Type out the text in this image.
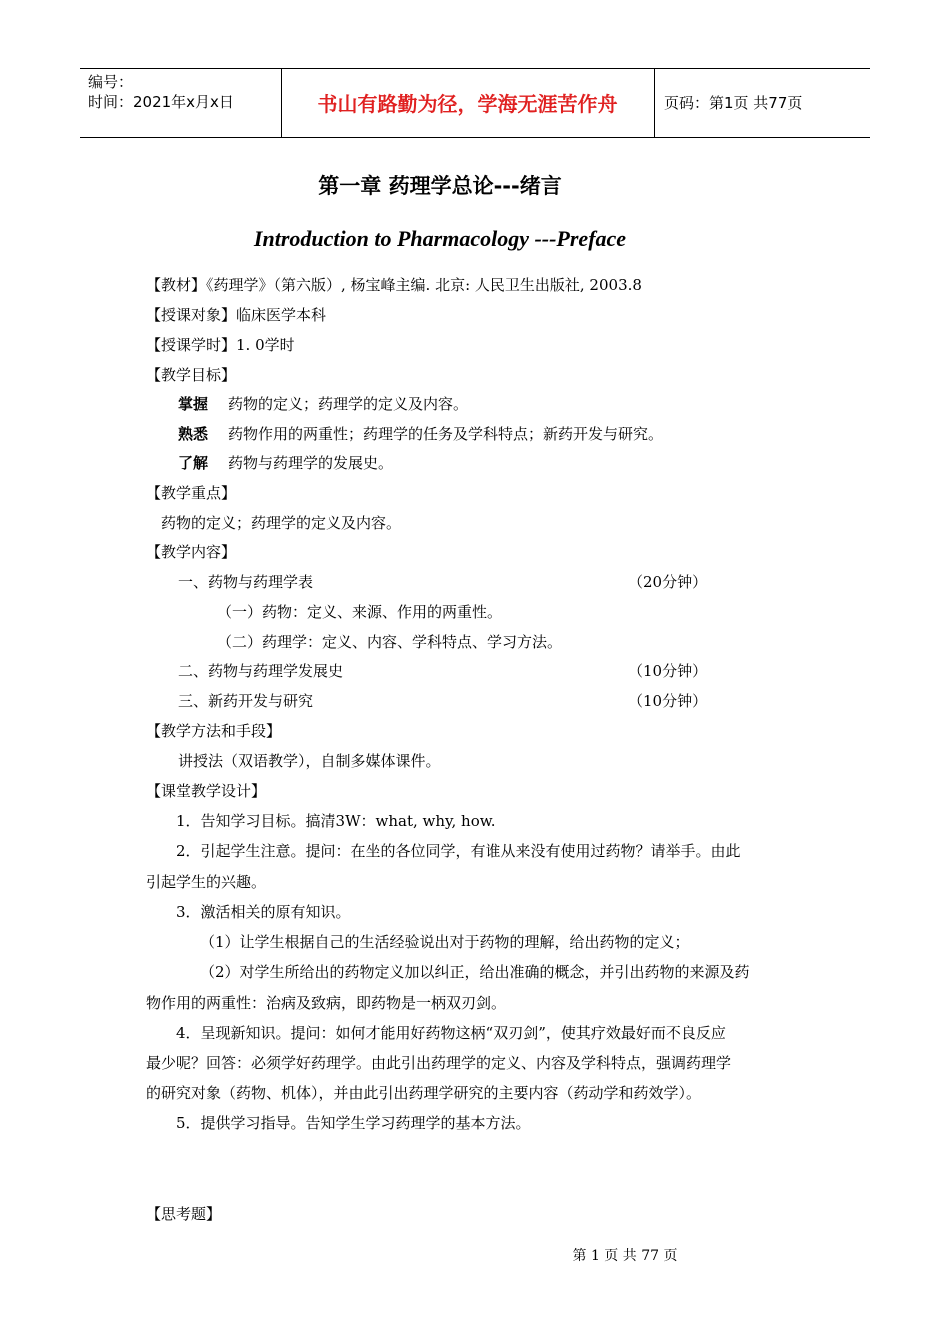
编号：
时间：2021年x月x日	书山有路勤为径，学海无涯苦作舟	页码：第1页 共77页
第一章 药理学总论---绪言
Introduction to Pharmacology ---Preface
【教材】《药理学》（第六版）, 杨宝峰主编. 北京: 人民卫生出版社, 2003.8
【授课对象】临床医学本科
【授课学时】1. 0学时
【教学目标】
掌握 药物的定义；药理学的定义及内容。
熟悉 药物作用的两重性；药理学的任务及学科特点；新药开发与研究。
了解 药物与药理学的发展史。
【教学重点】
药物的定义；药理学的定义及内容。
【教学内容】
一、药物与药理学表	（20分钟）
（一）药物：定义、来源、作用的两重性。
（二）药理学：定义、内容、学科特点、学习方法。
二、药物与药理学发展史	（10分钟）
三、新药开发与研究	（10分钟）
【教学方法和手段】
讲授法（双语教学），自制多媒体课件。
【课堂教学设计】
1．告知学习目标。搞清3W：what, why, how.
2．引起学生注意。提问：在坐的各位同学，有谁从来没有使用过药物？请举手。由此
引起学生的兴趣。
3．激活相关的原有知识。
（1）让学生根据自己的生活经验说出对于药物的理解，给出药物的定义；
（2）对学生所给出的药物定义加以纠正，给出准确的概念，并引出药物的来源及药
物作用的两重性：治病及致病，即药物是一柄双刃剑。
4．呈现新知识。提问：如何才能用好药物这柄“双刃剑”，使其疗效最好而不良反应
最少呢？回答：必须学好药理学。由此引出药理学的定义、内容及学科特点，强调药理学
的研究对象（药物、机体），并由此引出药理学研究的主要内容（药动学和药效学）。
5．提供学习指导。告知学生学习药理学的基本方法。
【思考题】
第 1 页 共 77 页
